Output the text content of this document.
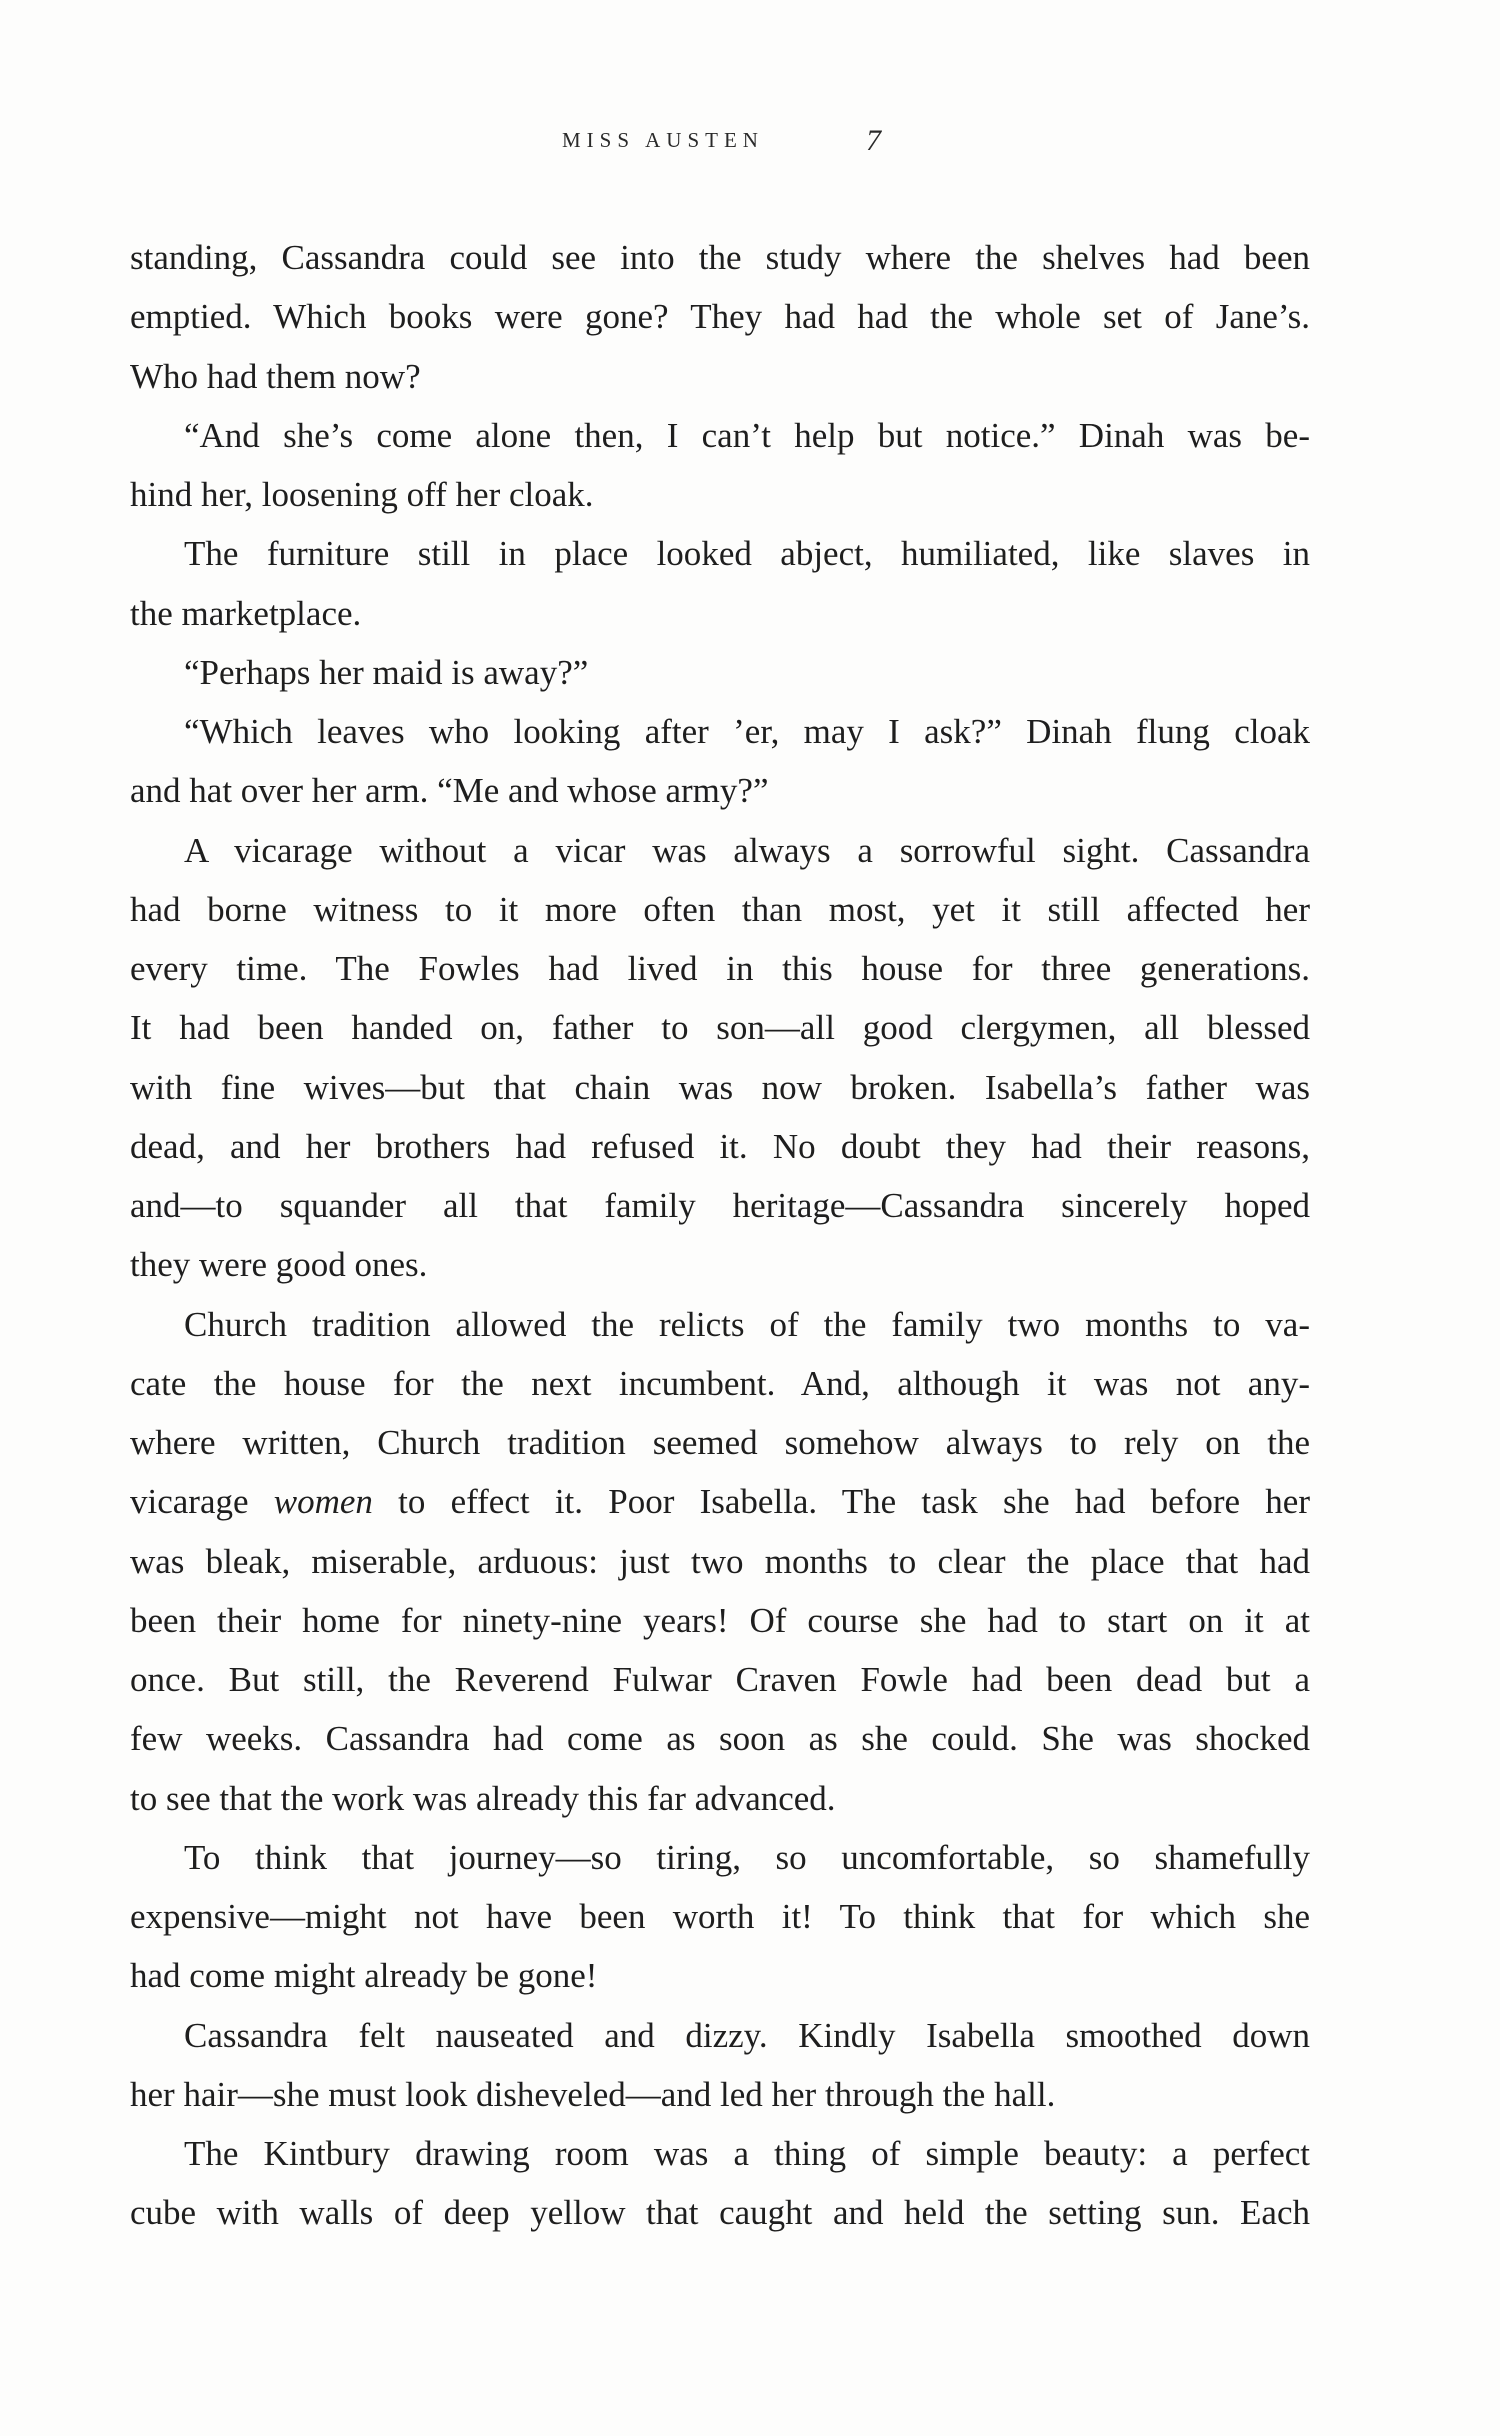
MISS AUSTEN	7
standing, Cassandra could see into the study where the shelves had been
emptied. Which books were gone? They had had the whole set of Jane’s.
Who had them now?
“And she’s come alone then, I can’t help but notice.” Dinah was be-
hind her, loosening off her cloak.
The furniture still in place looked abject, humiliated, like slaves in
the marketplace.
“Perhaps her maid is away?”
“Which leaves who looking after ’er, may I ask?” Dinah flung cloak
and hat over her arm. “Me and whose army?”
A vicarage without a vicar was always a sorrowful sight. Cassandra
had borne witness to it more often than most, yet it still affected her
every time. The Fowles had lived in this house for three generations.
It had been handed on, father to son—all good clergymen, all blessed
with fine wives—but that chain was now broken. Isabella’s father was
dead, and her brothers had refused it. No doubt they had their reasons,
and—to squander all that family heritage—Cassandra sincerely hoped
they were good ones.
Church tradition allowed the relicts of the family two months to va-
cate the house for the next incumbent. And, although it was not any-
where written, Church tradition seemed somehow always to rely on the
vicarage women to effect it. Poor Isabella. The task she had before her
was bleak, miserable, arduous: just two months to clear the place that had
been their home for ninety-nine years! Of course she had to start on it at
once. But still, the Reverend Fulwar Craven Fowle had been dead but a
few weeks. Cassandra had come as soon as she could. She was shocked
to see that the work was already this far advanced.
To think that journey—so tiring, so uncomfortable, so shamefully
expensive—might not have been worth it! To think that for which she
had come might already be gone!
Cassandra felt nauseated and dizzy. Kindly Isabella smoothed down
her hair—she must look disheveled—and led her through the hall.
The Kintbury drawing room was a thing of simple beauty: a perfect
cube with walls of deep yellow that caught and held the setting sun. Each
